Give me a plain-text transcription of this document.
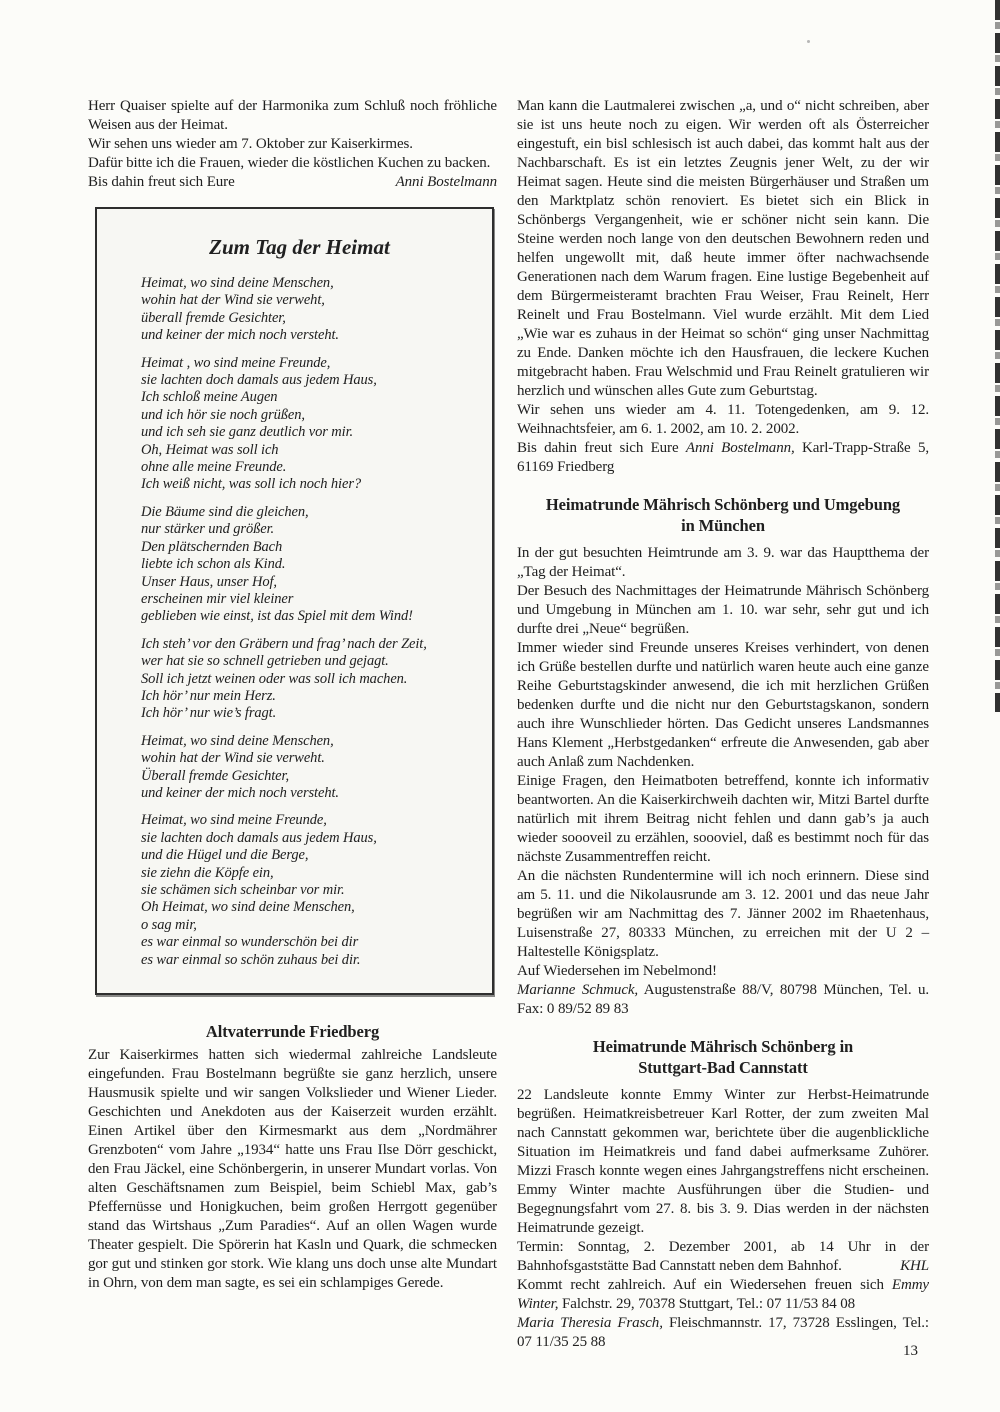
Herr Quaiser spielte auf der Harmonika zum Schluß noch fröhliche Weisen aus der Heimat.

Wir sehen uns wieder am 7. Oktober zur Kaiserkirmes.

Dafür bitte ich die Frauen, wieder die köstlichen Kuchen zu backen.

Anni Bostelmann
Bis dahin freut sich Eure

Zum Tag der Heimat
Heimat, wo sind deine Menschen,
wohin hat der Wind sie verweht,
überall fremde Gesichter,
und keiner der mich noch versteht.
Heimat , wo sind meine Freunde,
sie lachten doch damals aus jedem Haus,
Ich schloß meine Augen
und ich hör sie noch grüßen,
und ich seh sie ganz deutlich vor mir.
Oh, Heimat was soll ich
ohne alle meine Freunde.
Ich weiß nicht, was soll ich noch hier?
Die Bäume sind die gleichen,
nur stärker und größer.
Den plätschernden Bach
liebte ich schon als Kind.
Unser Haus, unser Hof,
erscheinen mir viel kleiner
geblieben wie einst, ist das Spiel mit dem Wind!
Ich steh’ vor den Gräbern und frag’ nach der Zeit,
wer hat sie so schnell getrieben und gejagt.
Soll ich jetzt weinen oder was soll ich machen.
Ich hör’ nur mein Herz.
Ich hör’ nur wie’s fragt.
Heimat, wo sind deine Menschen,
wohin hat der Wind sie verweht.
Überall fremde Gesichter,
und keiner der mich noch versteht.
Heimat, wo sind meine Freunde,
sie lachten doch damals aus jedem Haus,
und die Hügel und die Berge,
sie ziehn die Köpfe ein,
sie schämen sich scheinbar vor mir.
Oh Heimat, wo sind deine Menschen,
o sag mir,
es war einmal so wunderschön bei dir
es war einmal so schön zuhaus bei dir.
Altvaterrunde Friedberg

Zur Kaiserkirmes hatten sich wiedermal zahlreiche Landsleute eingefunden. Frau Bostelmann begrüßte sie ganz herzlich, unsere Hausmusik spielte und wir sangen Volkslieder und Wiener Lieder. Geschichten und Anekdoten aus der Kaiserzeit wurden erzählt. Einen Artikel über den Kirmesmarkt aus dem „Nordmährer Grenzboten“ vom Jahre „1934“ hatte uns Frau Ilse Dörr geschickt, den Frau Jäckel, eine Schönbergerin, in unserer Mundart vorlas. Von alten Geschäftsnamen zum Beispiel, beim Schiebl Max, gab’s Pfeffernüsse und Honigkuchen, beim großen Herrgott gegenüber stand das Wirtshaus „Zum Paradies“. Auf an ollen Wagen wurde Theater gespielt. Die Spörerin hat Kasln und Quark, die schmecken gor gut und stinken gor stork. Wie klang uns doch unse alte Mundart in Ohrn, von dem man sagte, es sei ein schlampiges Gerede.

Man kann die Lautmalerei zwischen „a, und o“ nicht schreiben, aber sie ist uns heute noch zu eigen. Wir werden oft als Österreicher eingestuft, ein bisl schlesisch ist auch dabei, das kommt halt aus der Nachbarschaft. Es ist ein letztes Zeugnis jener Welt, zu der wir Heimat sagen. Heute sind die meisten Bürgerhäuser und Straßen um den Marktplatz schön renoviert. Es bietet sich ein Blick in Schönbergs Vergangenheit, wie er schöner nicht sein kann. Die Steine werden noch lange von den deutschen Bewohnern reden und helfen ungewollt mit, daß heute immer öfter nachwachsende Generationen nach dem Warum fragen. Eine lustige Begebenheit auf dem Bürgermeisteramt brachten Frau Weiser, Frau Reinelt, Herr Reinelt und Frau Bostelmann. Viel wurde erzählt. Mit dem Lied „Wie war es zuhaus in der Heimat so schön“ ging unser Nachmittag zu Ende. Danken möchte ich den Hausfrauen, die leckere Kuchen mitgebracht haben. Frau Welschmid und Frau Reinelt gratulieren wir herzlich und wünschen alles Gute zum Geburtstag.

Wir sehen uns wieder am 4. 11. Totengedenken, am 9. 12. Weihnachtsfeier, am 6. 1. 2002, am 10. 2. 2002.

Bis dahin freut sich Eure Anni Bostelmann, Karl-Trapp-Straße 5, 61169 Friedberg

Heimatrunde Mährisch Schönberg und Umgebung
in München

In der gut besuchten Heimtrunde am 3. 9. war das Hauptthema der „Tag der Heimat“.

Der Besuch des Nachmittages der Heimatrunde Mährisch Schönberg und Umgebung in München am 1. 10. war sehr, sehr gut und ich durfte drei „Neue“ begrüßen.

Immer wieder sind Freunde unseres Kreises verhindert, von denen ich Grüße bestellen durfte und natürlich waren heute auch eine ganze Reihe Geburtstagskinder anwesend, die ich mit herzlichen Grüßen bedenken durfte und die nicht nur den Geburtstagskanon, sondern auch ihre Wunschlieder hörten. Das Gedicht unseres Landsmannes Hans Klement „Herbstgedanken“ erfreute die Anwesenden, gab aber auch Anlaß zum Nachdenken.

Einige Fragen, den Heimatboten betreffend, konnte ich informativ beantworten. An die Kaiserkirchweih dachten wir, Mitzi Bartel durfte natürlich mit ihrem Beitrag nicht fehlen und dann gab’s ja auch wieder soooveil zu erzählen, soooviel, daß es bestimmt noch für das nächste Zusammentreffen reicht.

An die nächsten Rundentermine will ich noch erinnern. Diese sind am 5. 11. und die Nikolausrunde am 3. 12. 2001 und das neue Jahr begrüßen wir am Nachmittag des 7. Jänner 2002 im Rhaetenhaus, Luisenstraße 27, 80333 München, zu erreichen mit der U 2 – Haltestelle Königsplatz.

Auf Wiedersehen im Nebelmond!

Marianne Schmuck, Augustenstraße 88/V, 80798 München, Tel. u. Fax: 0 89/52 89 83

Heimatrunde Mährisch Schönberg in
Stuttgart-Bad Cannstatt

22 Landsleute konnte Emmy Winter zur Herbst-Heimatrunde begrüßen. Heimatkreisbetreuer Karl Rotter, der zum zweiten Mal nach Cannstatt gekommen war, berichtete über die augenblickliche Situation im Heimatkreis und fand dabei aufmerksame Zuhörer. Mizzi Frasch konnte wegen eines Jahrgangstreffens nicht erscheinen. Emmy Winter machte Ausführungen über die Studien- und Begegnungsfahrt vom 27. 8. bis 3. 9. Dias werden in der nächsten Heimatrunde gezeigt.

Termin: Sonntag, 2. Dezember 2001, ab 14 Uhr in der Bahnhofsgaststätte Bad Cannstatt neben dem Bahnhof.	KHL

Kommt recht zahlreich. Auf ein Wiedersehen freuen sich Emmy Winter, Falchstr. 29, 70378 Stuttgart, Tel.: 07 11/53 84 08

Maria Theresia Frasch, Fleischmannstr. 17, 73728 Esslingen, Tel.: 07 11/35 25 88

13
